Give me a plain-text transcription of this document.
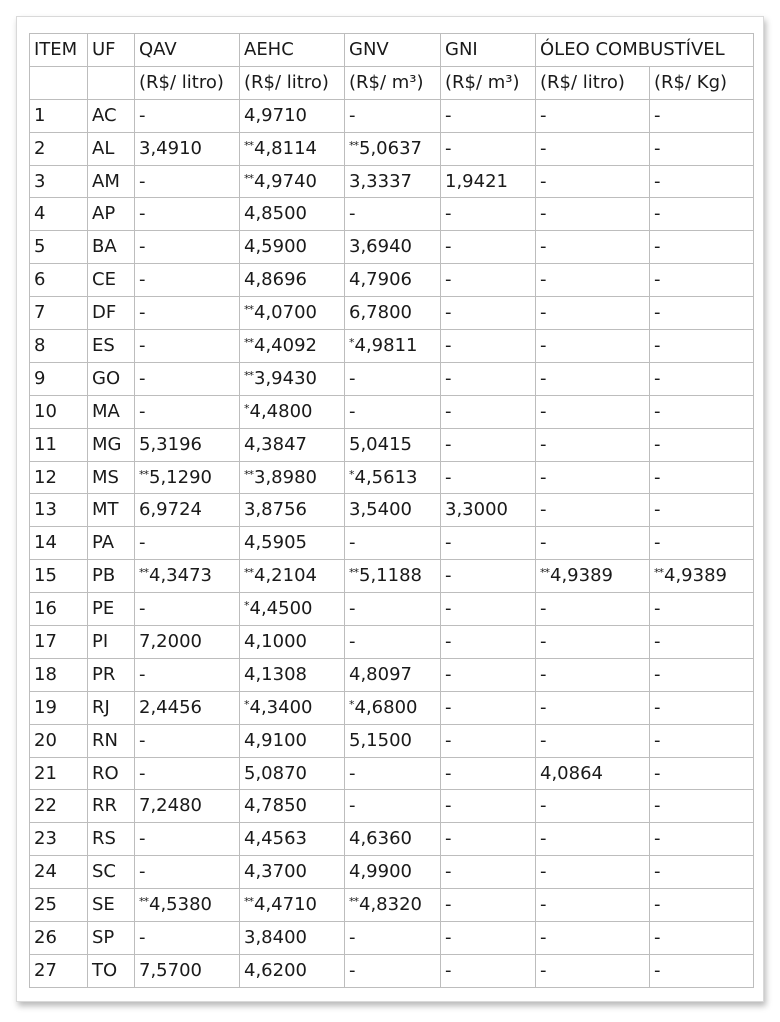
ITEM	UF	QAV	AEHC	GNV	GNI	ÓLEO COMBUSTÍVEL	
		(R$/ litro)	(R$/ litro)	(R$/ m³)	(R$/ m³)	(R$/ litro)	(R$/ Kg)
1	AC	-	4,9710	-	-	-	-
2	AL	3,4910	**4,8114	**5,0637	-	-	-
3	AM	-	**4,9740	3,3337	1,9421	-	-
4	AP	-	4,8500	-	-	-	-
5	BA	-	4,5900	3,6940	-	-	-
6	CE	-	4,8696	4,7906	-	-	-
7	DF	-	**4,0700	6,7800	-	-	-
8	ES	-	**4,4092	*4,9811	-	-	-
9	GO	-	**3,9430	-	-	-	-
10	MA	-	*4,4800	-	-	-	-
11	MG	5,3196	4,3847	5,0415	-	-	-
12	MS	**5,1290	**3,8980	*4,5613	-	-	-
13	MT	6,9724	3,8756	3,5400	3,3000	-	-
14	PA	-	4,5905	-	-	-	-
15	PB	**4,3473	**4,2104	**5,1188	-	**4,9389	**4,9389
16	PE	-	*4,4500	-	-	-	-
17	PI	7,2000	4,1000	-	-	-	-
18	PR	-	4,1308	4,8097	-	-	-
19	RJ	2,4456	*4,3400	*4,6800	-	-	-
20	RN	-	4,9100	5,1500	-	-	-
21	RO	-	5,0870	-	-	4,0864	-
22	RR	7,2480	4,7850	-	-	-	-
23	RS	-	4,4563	4,6360	-	-	-
24	SC	-	4,3700	4,9900	-	-	-
25	SE	**4,5380	**4,4710	**4,8320	-	-	-
26	SP	-	3,8400	-	-	-	-
27	TO	7,5700	4,6200	-	-	-	-
